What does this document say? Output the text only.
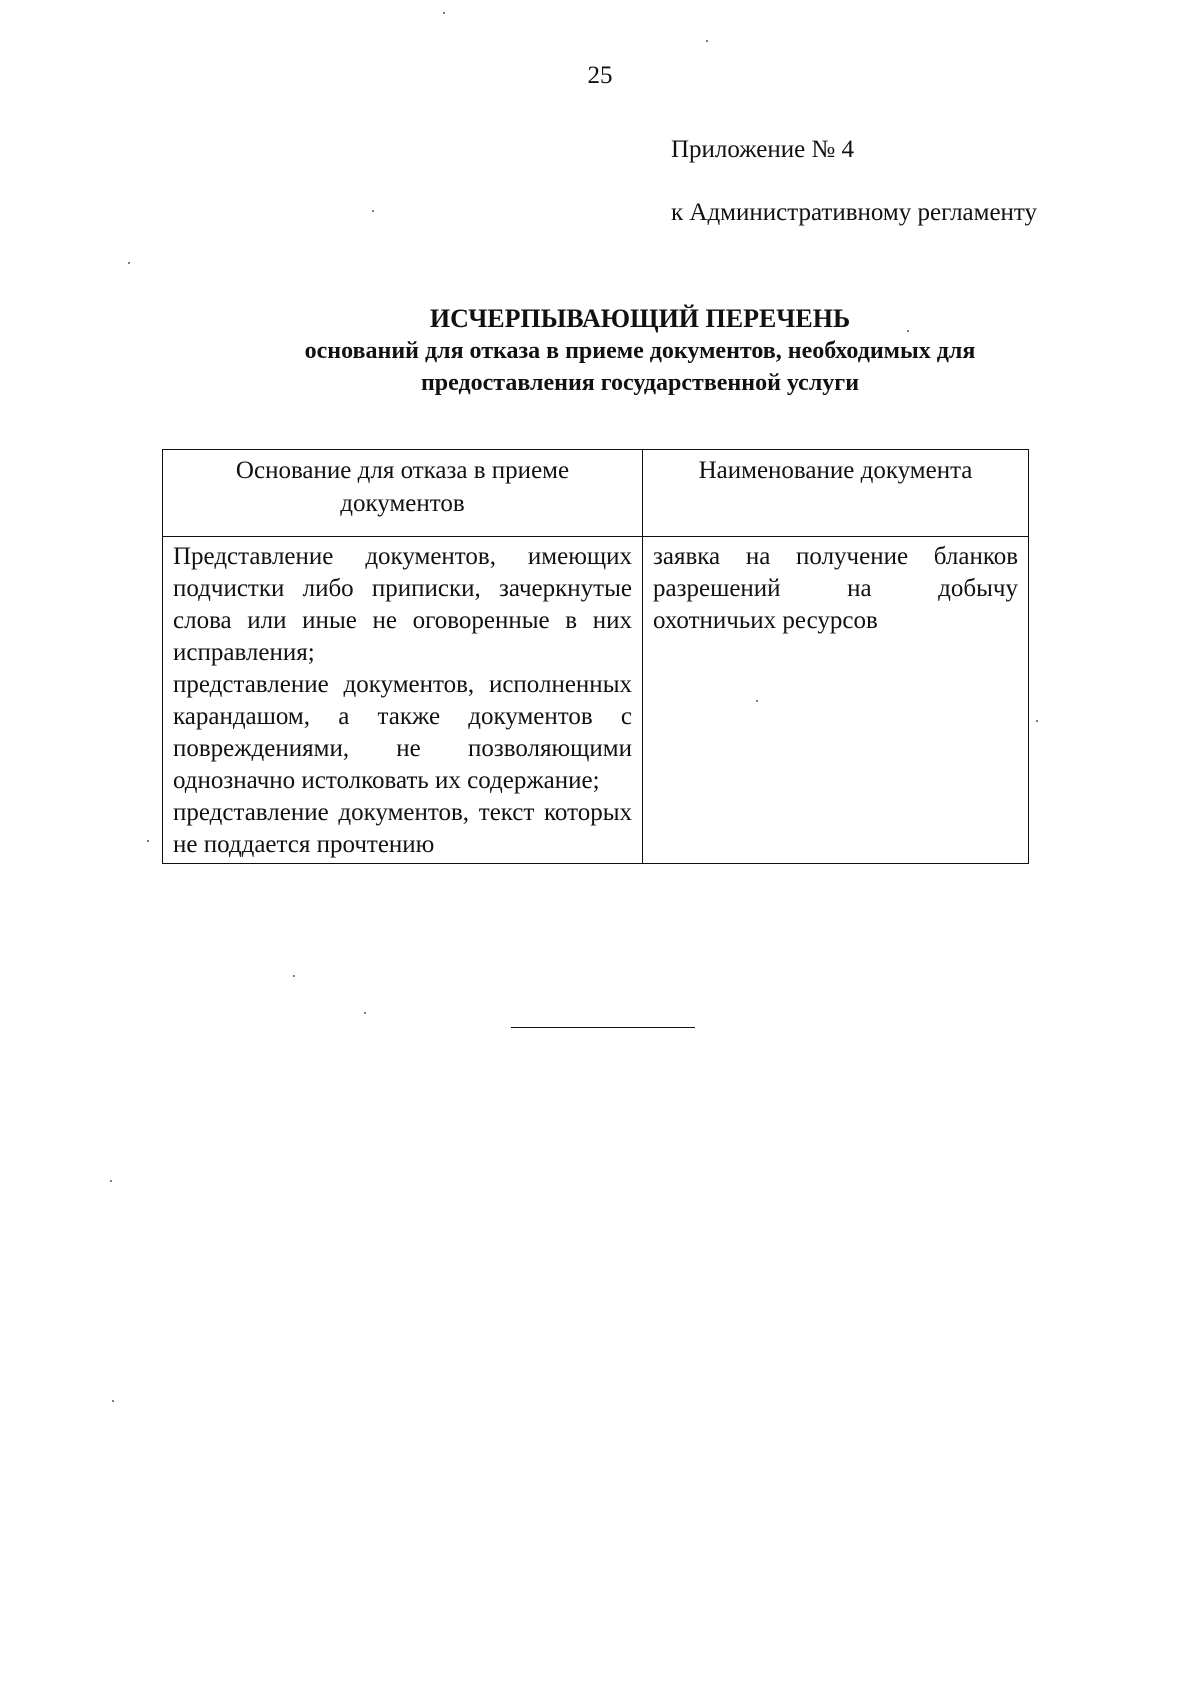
25
Приложение № 4
к Административному регламенту
ИСЧЕРПЫВАЮЩИЙ ПЕРЕЧЕНЬ
оснований для отказа в приеме документов, необходимых для
предоставления государственной услуги
Основание для отказа в приеме документов	Наименование документа

Представление документов, имеющих подчистки либо приписки, зачеркнутые слова или иные не оговоренные в них исправления;
представление документов, исполненных карандашом, а также документов с повреждениями, не позволяющими однозначно истолковать их содержание;
представление документов, текст которых не поддается прочтению	заявка на получение бланков разрешений на добычу охотничьих ресурсов
